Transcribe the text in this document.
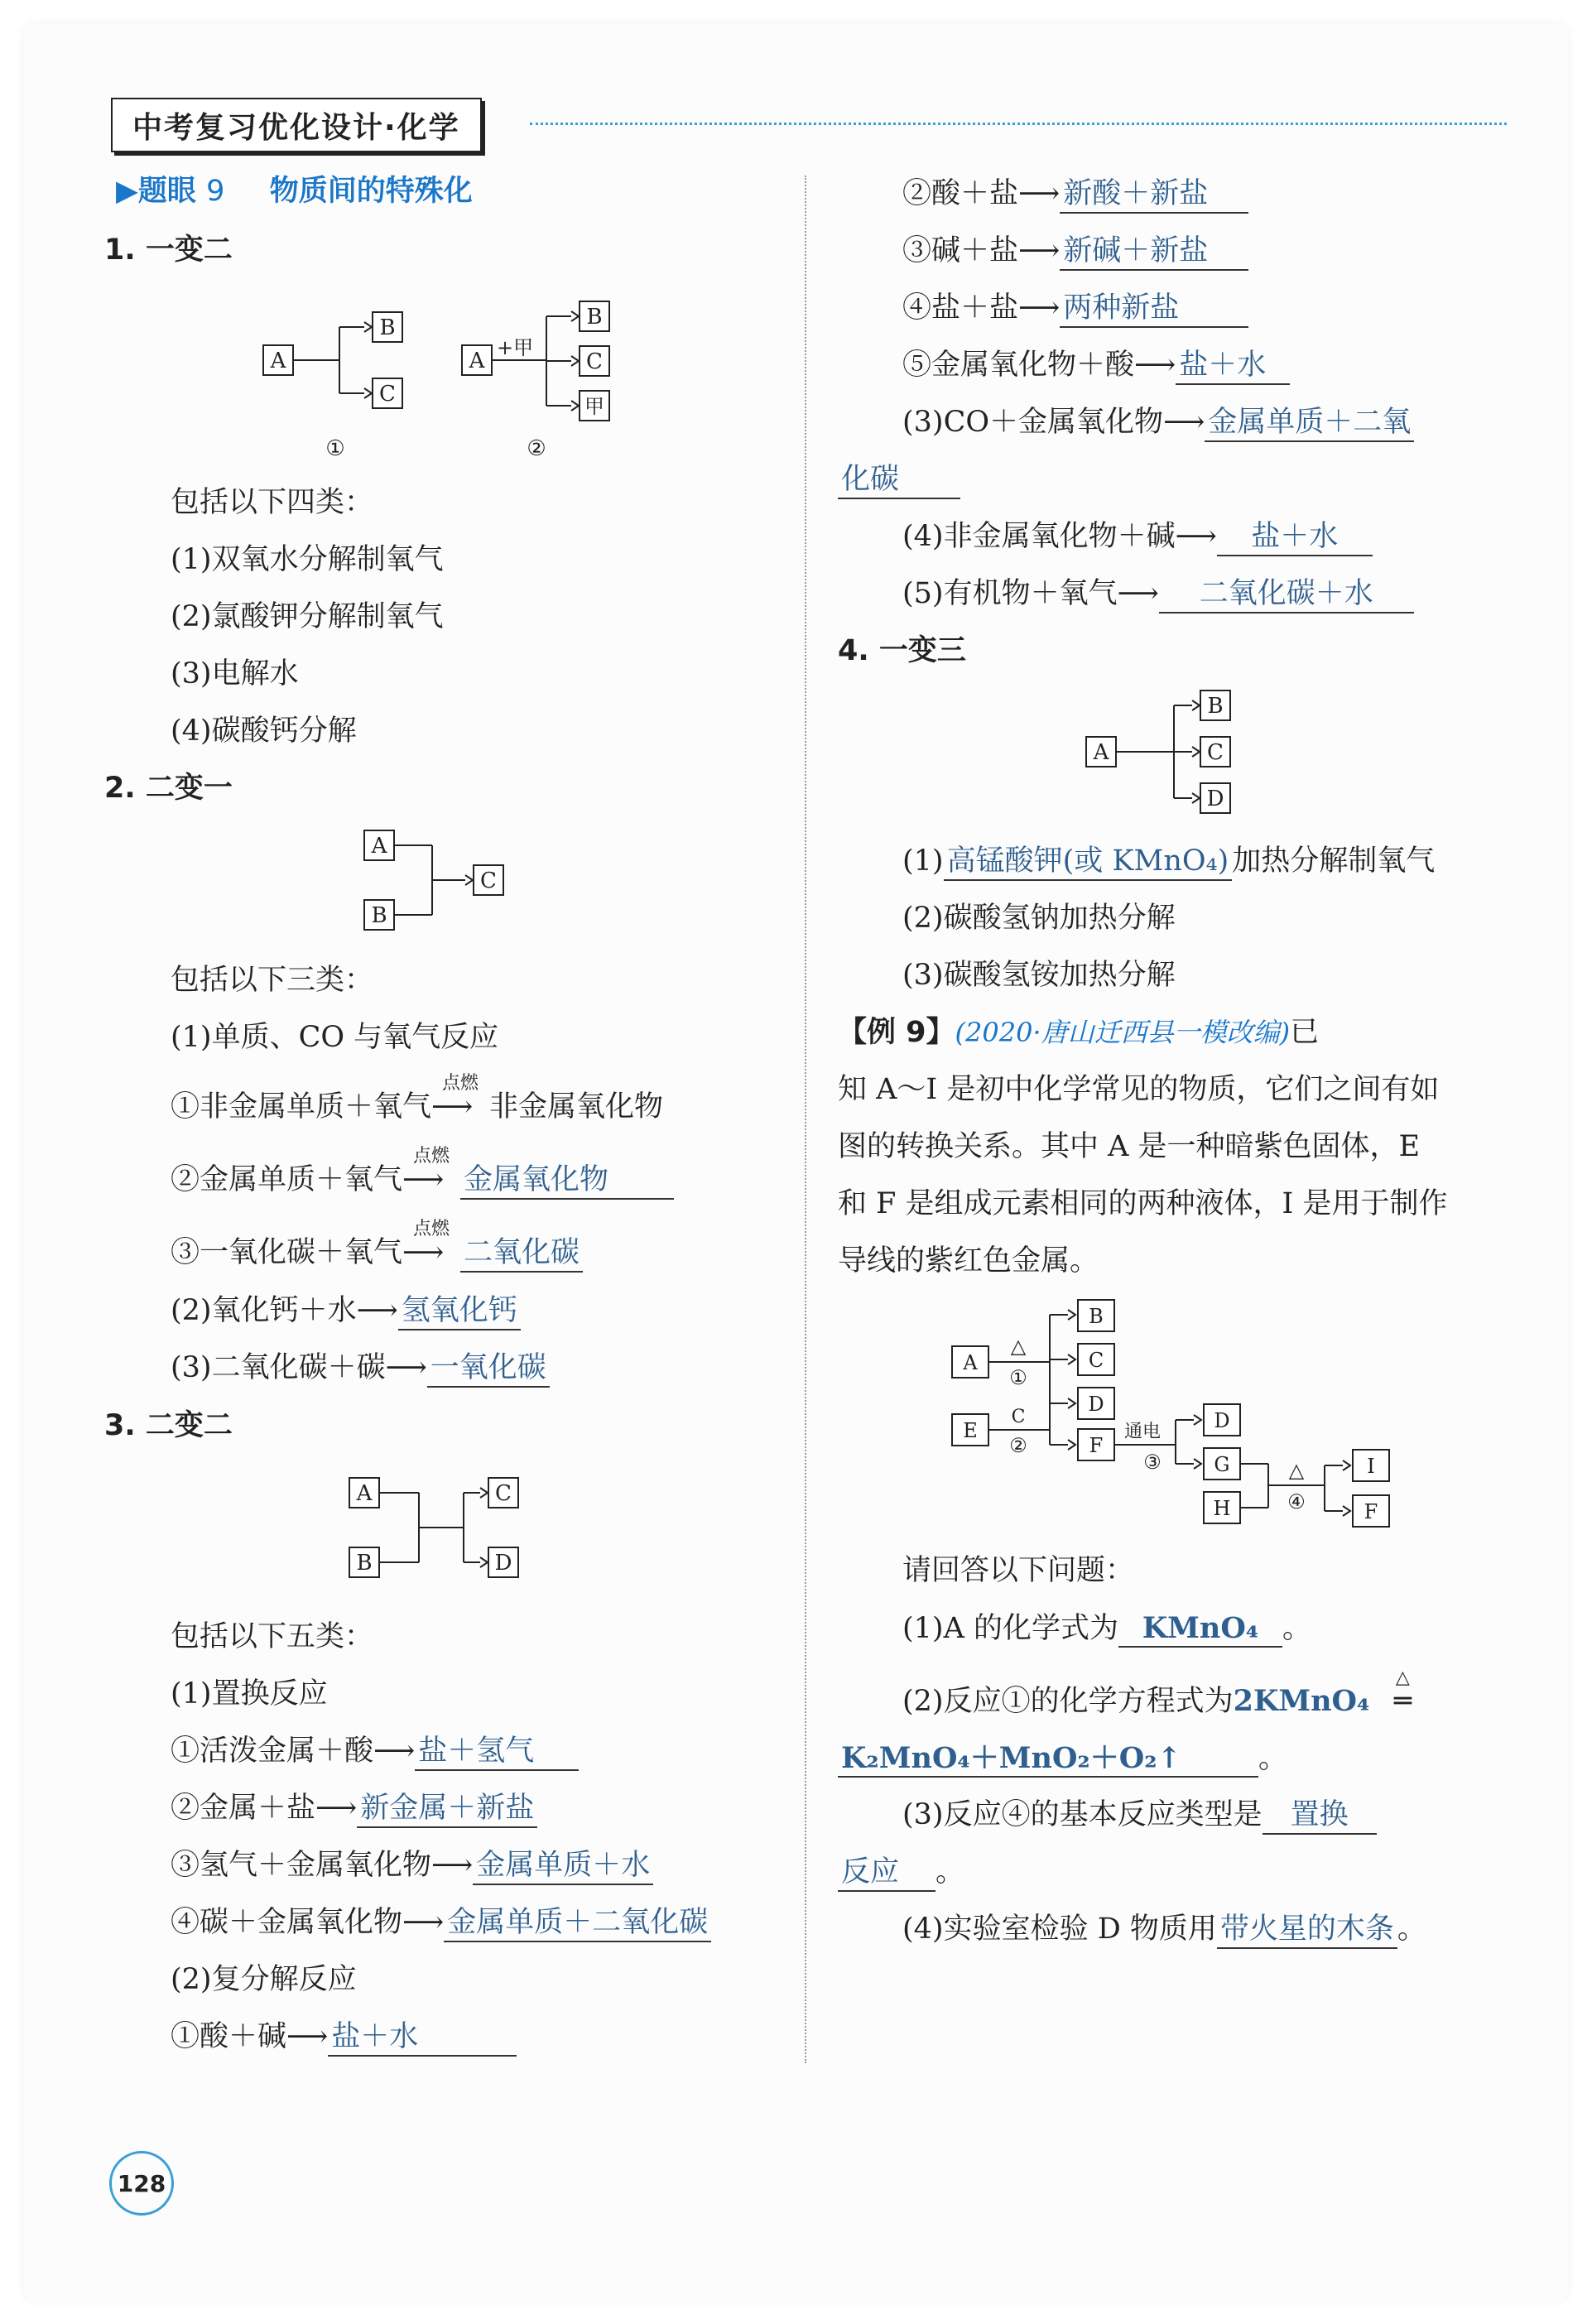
中考复习优化设计·化学
▶题眼 9 物质间的特殊化
1. 一变二
A
B
C
A
+甲
B
C
甲
①	②
包括以下四类：
(1)双氧水分解制氧气
(2)氯酸钾分解制氧气
(3)电解水
(4)碳酸钙分解
2. 二变一
A
B
C
包括以下三类：
(1)单质、CO 与氧气反应
①非金属单质＋氧气
点燃
⟶ 非金属氧化物
②金属单质＋氧气
点燃
⟶ 金属氧化物
③一氧化碳＋氧气
点燃
⟶ 二氧化碳
(2)氧化钙＋水⟶ 氢氧化钙
(3)二氧化碳＋碳⟶ 一氧化碳
3. 二变二
A
B
C
D
包括以下五类：
(1)置换反应
①活泼金属＋酸⟶ 盐＋氢气
②金属＋盐⟶ 新金属＋新盐
③氢气＋金属氧化物⟶ 金属单质＋水
④碳＋金属氧化物⟶ 金属单质＋二氧化碳
(2)复分解反应
①酸＋碱⟶ 盐＋水
②酸＋盐⟶ 新酸＋新盐
③碱＋盐⟶ 新碱＋新盐
④盐＋盐⟶ 两种新盐
⑤金属氧化物＋酸⟶ 盐＋水
(3)CO＋金属氧化物⟶ 金属单质＋二氧
化碳
(4)非金属氧化物＋碱⟶ 盐＋水
(5)有机物＋氧气⟶ 二氧化碳＋水
4. 一变三
A
B
C
D
(1) 高锰酸钾(或 KMnO₄) 加热分解制氧气
(2)碳酸氢钠加热分解
(3)碳酸氢铵加热分解
【例 9】(2020·唐山迁西县一模改编)已
知 A～I 是初中化学常见的物质，它们之间有如
图的转换关系。其中 A 是一种暗紫色固体，E
和 F 是组成元素相同的两种液体，I 是用于制作
导线的紫红色金属。
A
△
①
B
C
D
E
C
②	F
通电
③
D
G
H
△
④
I
F
请回答以下问题：
(1)A 的化学式为 KMnO₄ 。
(2)反应①的化学方程式为2KMnO₄
△
═
K₂MnO₄＋MnO₂＋O₂↑	。
(3)反应④的基本反应类型是 置换
反应 。
(4)实验室检验 D 物质用 带火星的木条 。
128
